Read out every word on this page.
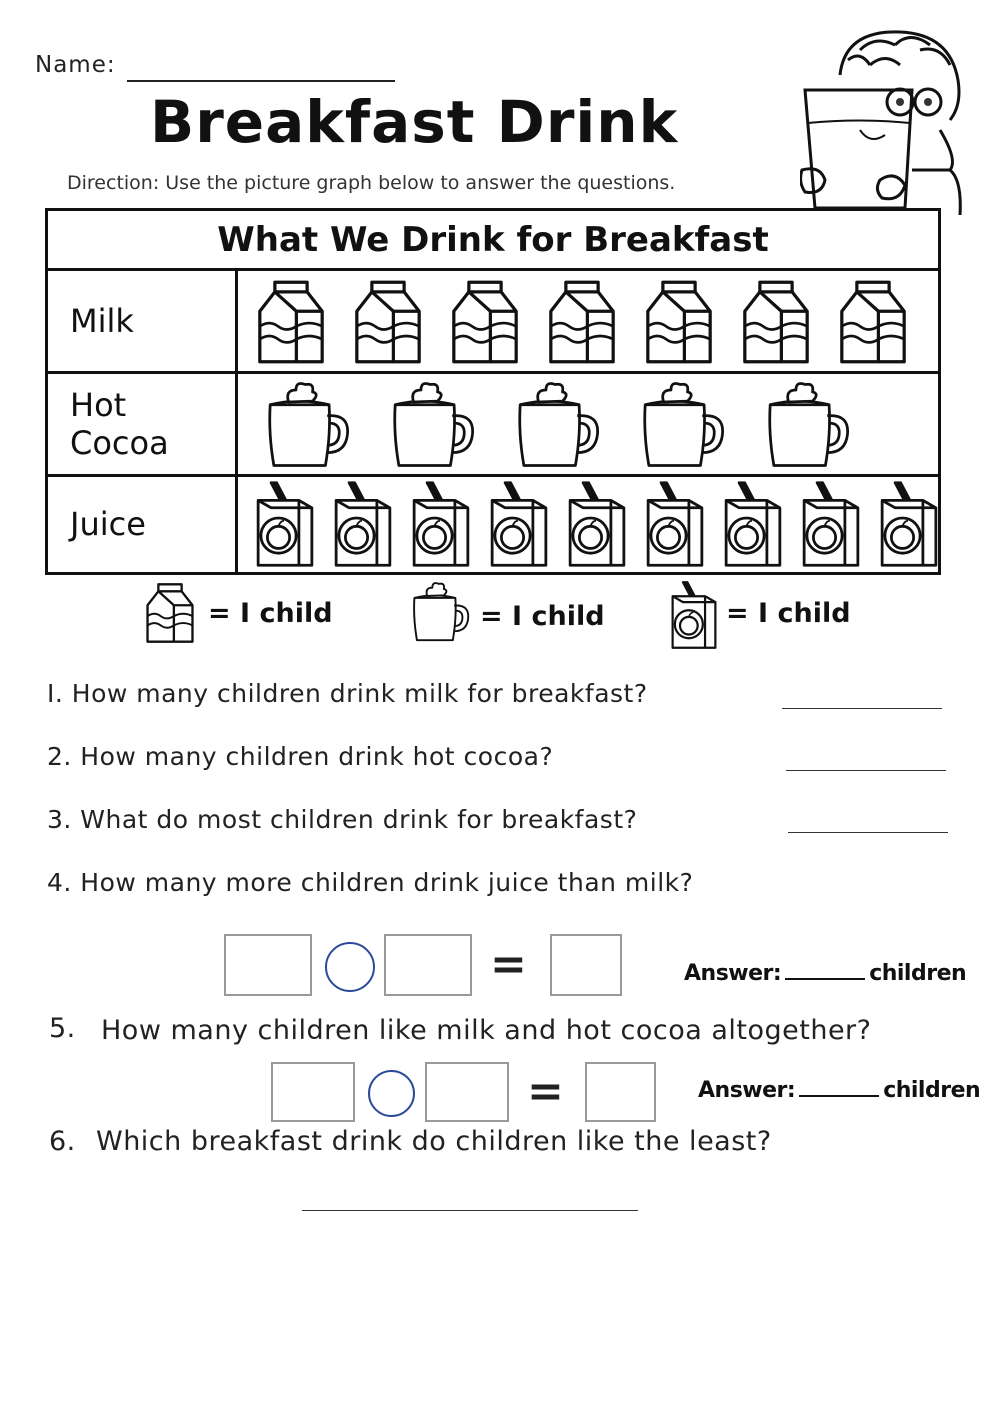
Name:
Breakfast Drink
Direction: Use the picture graph below to answer the questions.
What We Drink for Breakfast
Milk
Hot
Cocoa
Juice
= I child	= I child	= I child
I. How many children drink milk for breakfast?
2. How many children drink hot cocoa?
3. What do most children drink for breakfast?
4. How many more children drink juice than milk?
=	Answer:	children
5. How many children like milk and hot cocoa altogether?
=	Answer:	children
6. Which breakfast drink do children like the least?
